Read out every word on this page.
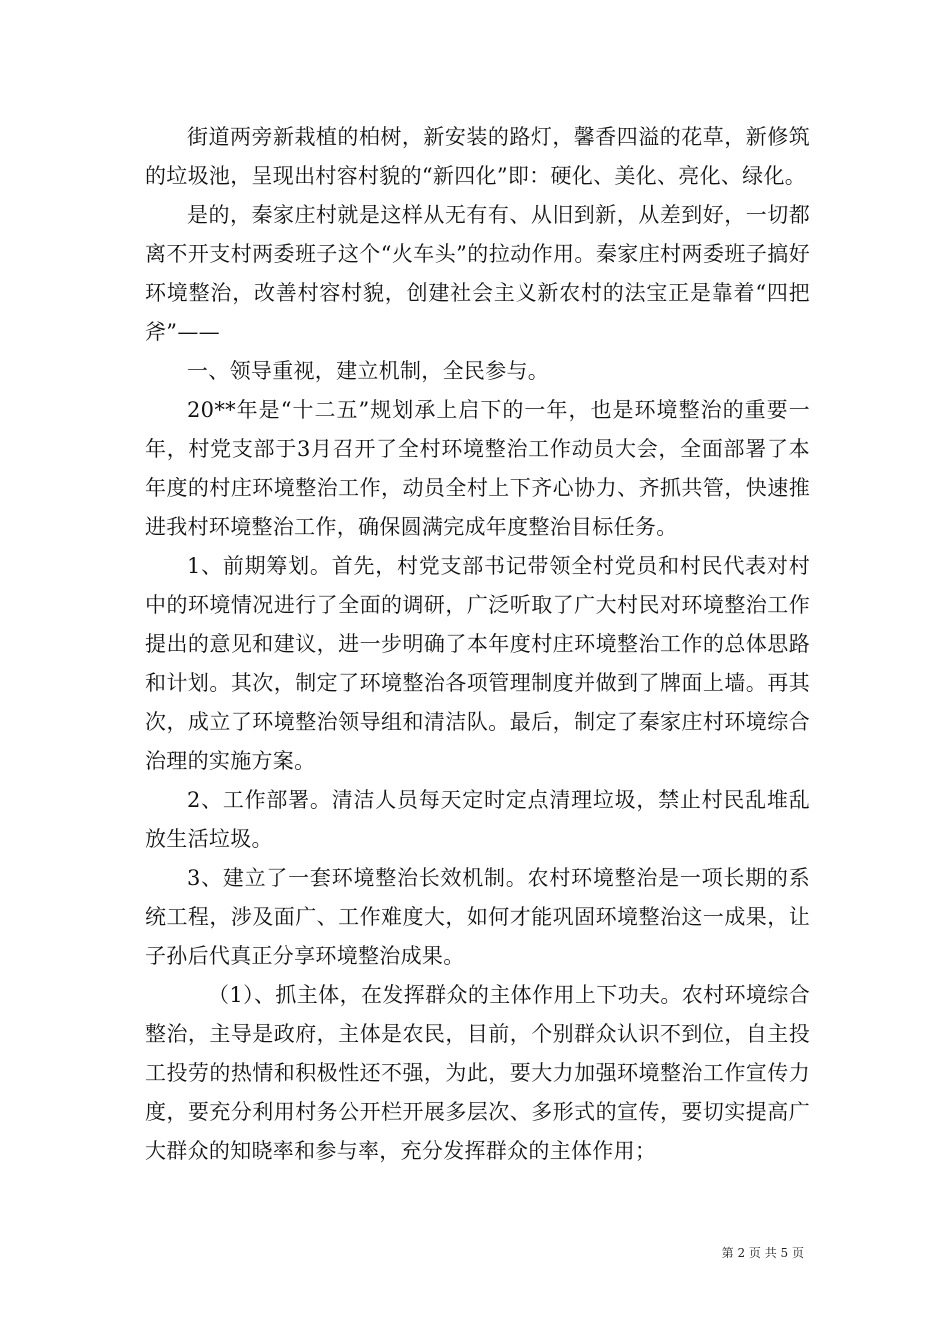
街道两旁新栽植的柏树，新安装的路灯，馨香四溢的花草，新修筑的垃圾池，呈现出村容村貌的“新四化”即：硬化、美化、亮化、绿化。

是的，秦家庄村就是这样从无有有、从旧到新，从差到好，一切都离不开支村两委班子这个“火车头”的拉动作用。秦家庄村两委班子搞好环境整治，改善村容村貌，创建社会主义新农村的法宝正是靠着“四把斧”——

一、领导重视，建立机制，全民参与。

20**年是“十二五”规划承上启下的一年，也是环境整治的重要一年，村党支部于3月召开了全村环境整治工作动员大会，全面部署了本年度的村庄环境整治工作，动员全村上下齐心协力、齐抓共管，快速推进我村环境整治工作，确保圆满完成年度整治目标任务。

1、前期筹划。首先，村党支部书记带领全村党员和村民代表对村中的环境情况进行了全面的调研，广泛听取了广大村民对环境整治工作提出的意见和建议，进一步明确了本年度村庄环境整治工作的总体思路和计划。其次，制定了环境整治各项管理制度并做到了牌面上墙。再其次，成立了环境整治领导组和清洁队。最后，制定了秦家庄村环境综合治理的实施方案。

2、工作部署。清洁人员每天定时定点清理垃圾，禁止村民乱堆乱放生活垃圾。

3、建立了一套环境整治长效机制。农村环境整治是一项长期的系统工程，涉及面广、工作难度大，如何才能巩固环境整治这一成果，让子孙后代真正分享环境整治成果。

（1）、抓主体，在发挥群众的主体作用上下功夫。农村环境综合整治，主导是政府，主体是农民，目前，个别群众认识不到位，自主投工投劳的热情和积极性还不强，为此，要大力加强环境整治工作宣传力度，要充分利用村务公开栏开展多层次、多形式的宣传，要切实提高广大群众的知晓率和参与率，充分发挥群众的主体作用；

第 2 页 共 5 页
